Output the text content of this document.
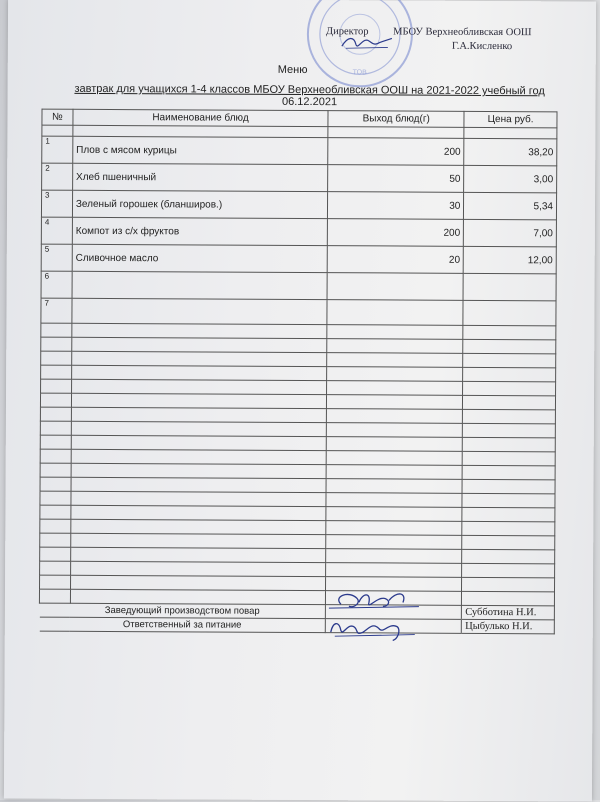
ТОВ
Директор МБОУ Верхнеобливская ООШ
Г.А.Кисленко
Меню
завтрак для учащихся 1-4 классов МБОУ Верхнеобливская ООШ на 2021-2022 учебный год
06.12.2021
№	Наименование блюд	Выход блюд(г)	Цена руб.

1	Плов с мясом курицы	200	38,20
2	Хлеб пшеничный	50	3,00
3	Зеленый горошек (бланширов.)	30	5,34
4	Компот из с/х фруктов	200	7,00
5	Сливочное масло	20	12,00
6			
7			

Заведующий производством повар			Субботина Н.И.
Ответственный за питание			Цыбулько Н.И.
